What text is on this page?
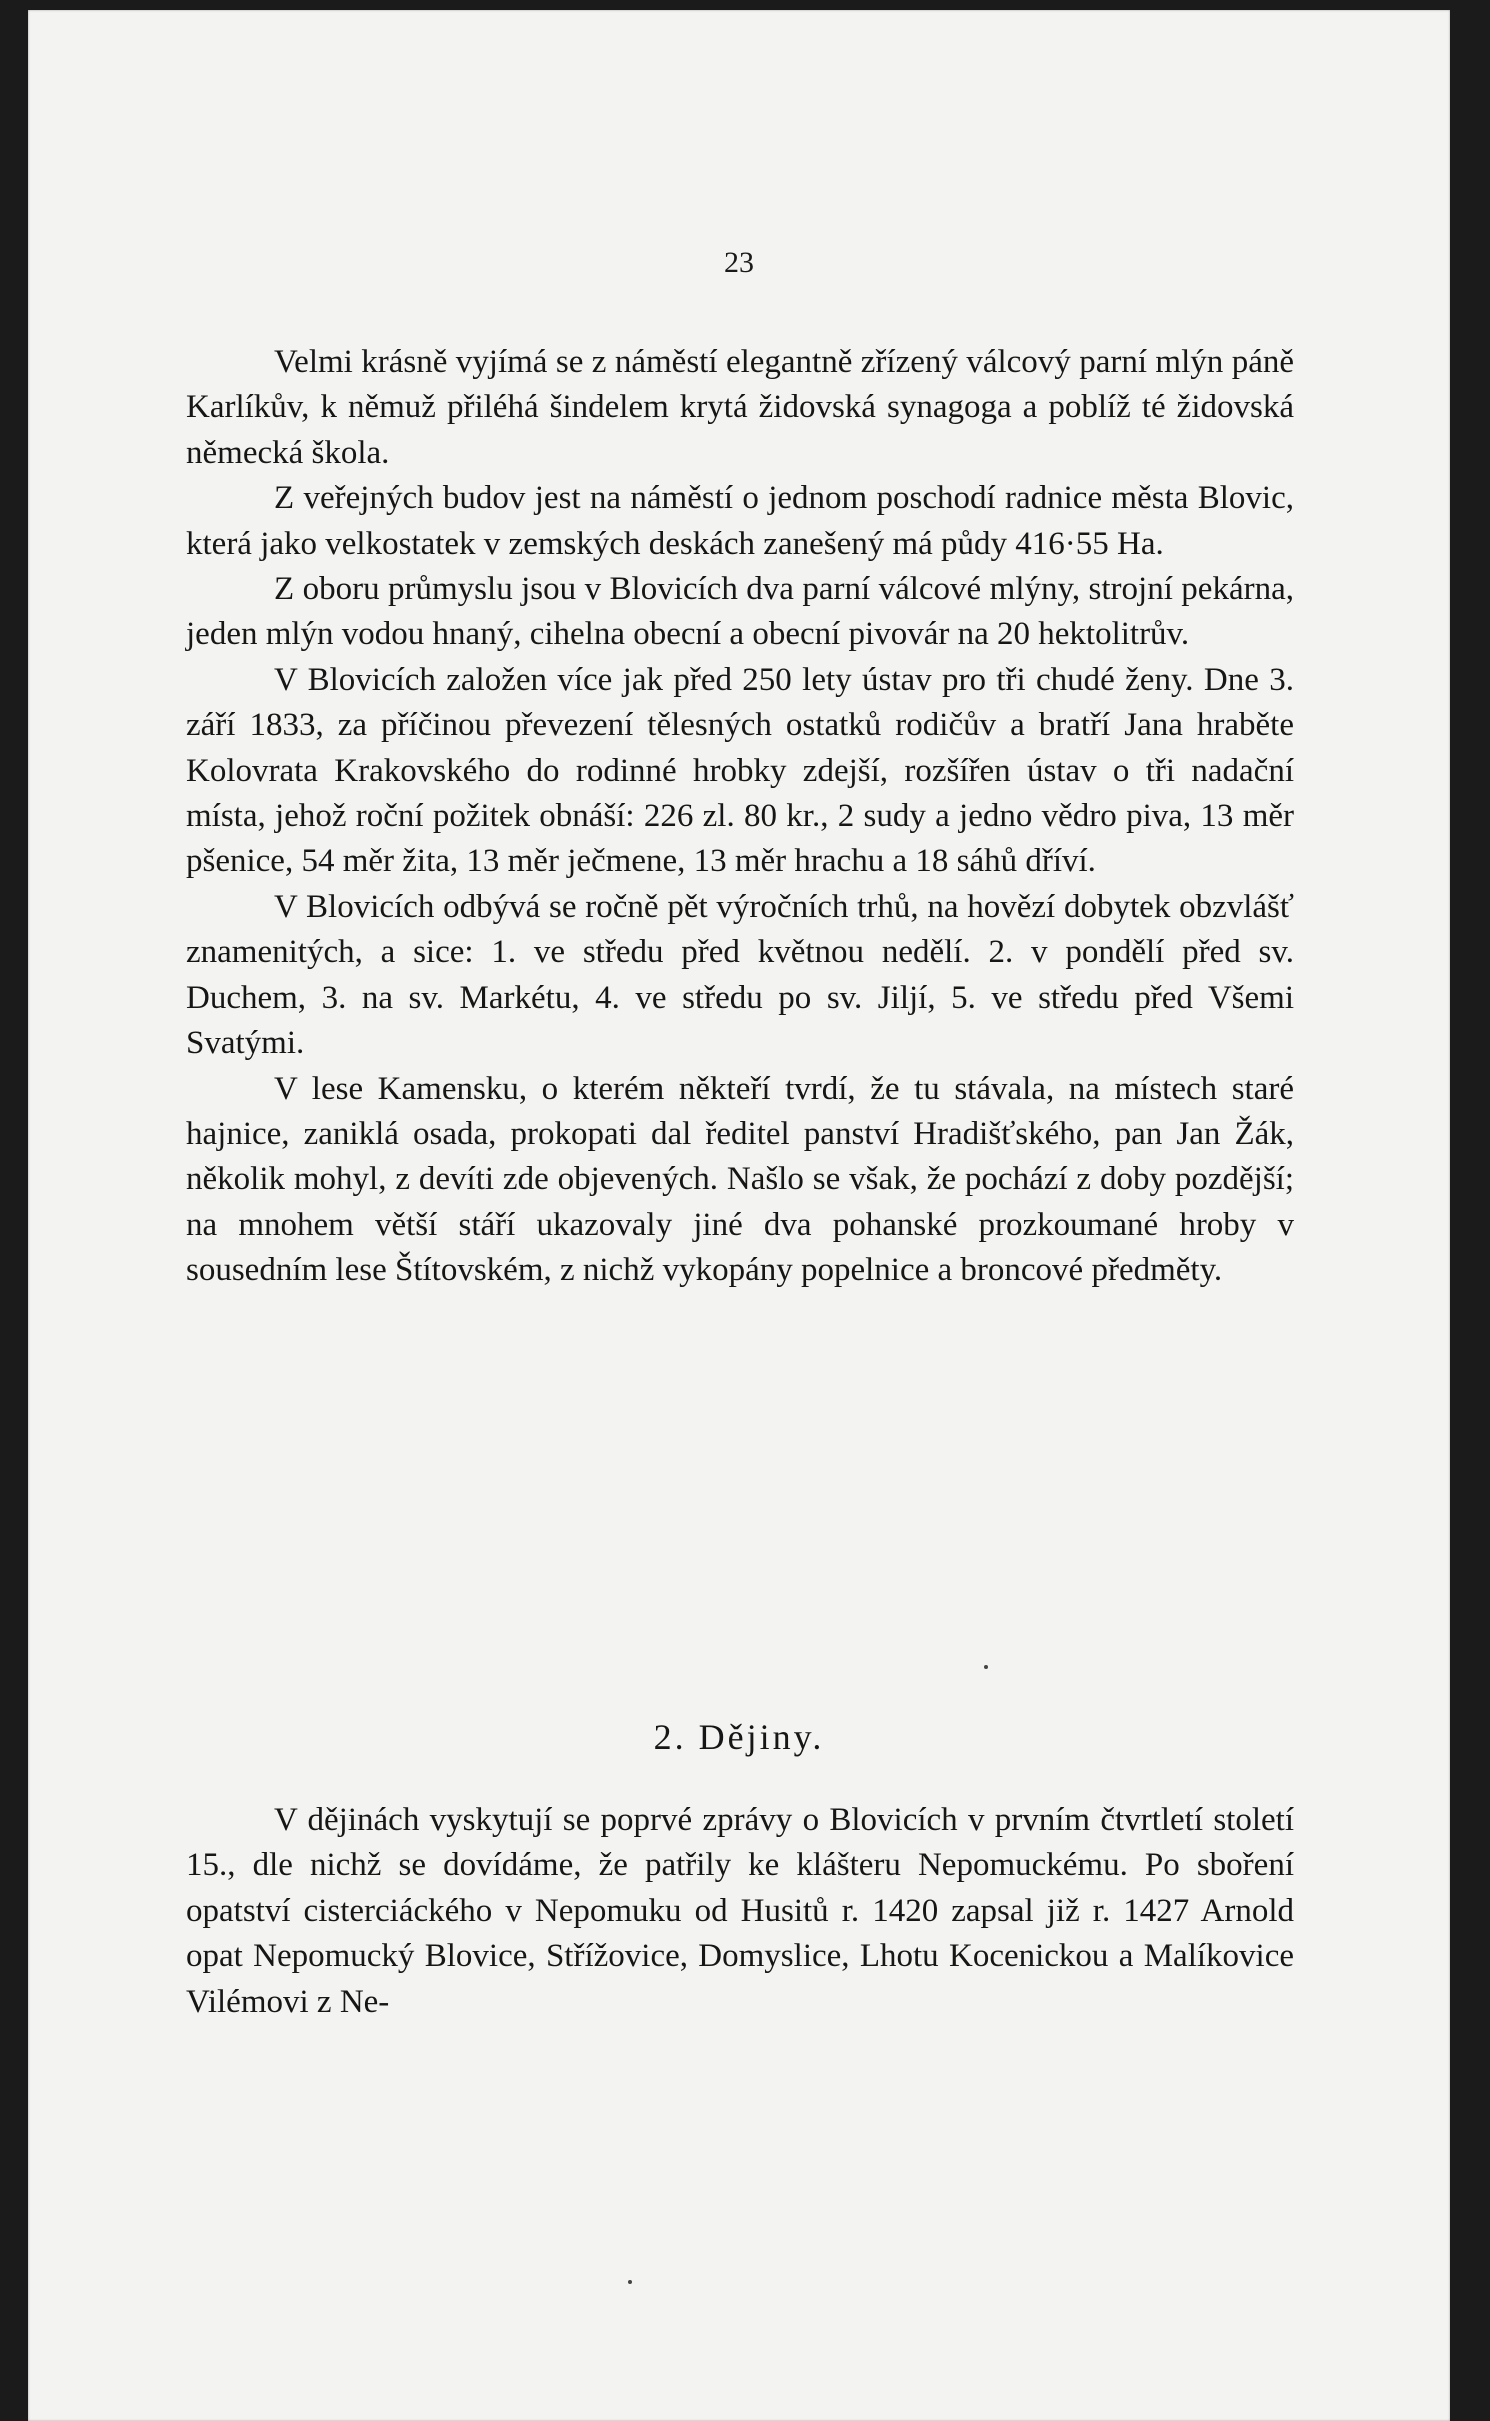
23

Velmi krásně vyjímá se z náměstí elegantně zřízený válcový parní mlýn páně Karlíkův, k němuž přiléhá šindelem krytá židovská synagoga a poblíž té židovská německá škola.

Z veřejných budov jest na náměstí o jednom poschodí radnice města Blovic, která jako velkostatek v zemských deskách zanešený má půdy 416·55 Ha.

Z oboru průmyslu jsou v Blovicích dva parní válcové mlýny, strojní pekárna, jeden mlýn vodou hnaný, cihelna obecní a obecní pivovár na 20 hektolitrův.

V Blovicích založen více jak před 250 lety ústav pro tři chudé ženy. Dne 3. září 1833, za příčinou převezení tělesných ostatků rodičův a bratří Jana hraběte Kolovrata Krakovského do rodinné hrobky zdejší, rozšířen ústav o tři nadační místa, jehož roční požitek obnáší: 226 zl. 80 kr., 2 sudy a jedno vědro piva, 13 měr pšenice, 54 měr žita, 13 měr ječmene, 13 měr hrachu a 18 sáhů dříví.

V Blovicích odbývá se ročně pět výročních trhů, na hovězí dobytek obzvlášť znamenitých, a sice: 1. ve středu před květnou nedělí. 2. v pondělí před sv. Duchem, 3. na sv. Markétu, 4. ve středu po sv. Jiljí, 5. ve středu před Všemi Svatými.

V lese Kamensku, o kterém někteří tvrdí, že tu stávala, na místech staré hajnice, zaniklá osada, prokopati dal ředitel panství Hradišťského, pan Jan Žák, několik mohyl, z devíti zde objevených. Našlo se však, že pochází z doby pozdější; na mnohem větší stáří ukazovaly jiné dva pohanské prozkoumané hroby v sousedním lese Štítovském, z nichž vykopány popelnice a broncové předměty.

2. Dějiny.

V dějinách vyskytují se poprvé zprávy o Blovicích v prvním čtvrtletí století 15., dle nichž se dovídáme, že patřily ke klášteru Nepomuckému. Po sboření opatství cisterciáckého v Nepomuku od Husitů r. 1420 zapsal již r. 1427 Arnold opat Nepomucký Blovice, Střížovice, Domyslice, Lhotu Kocenickou a Malíkovice Vilémovi z Ne-
